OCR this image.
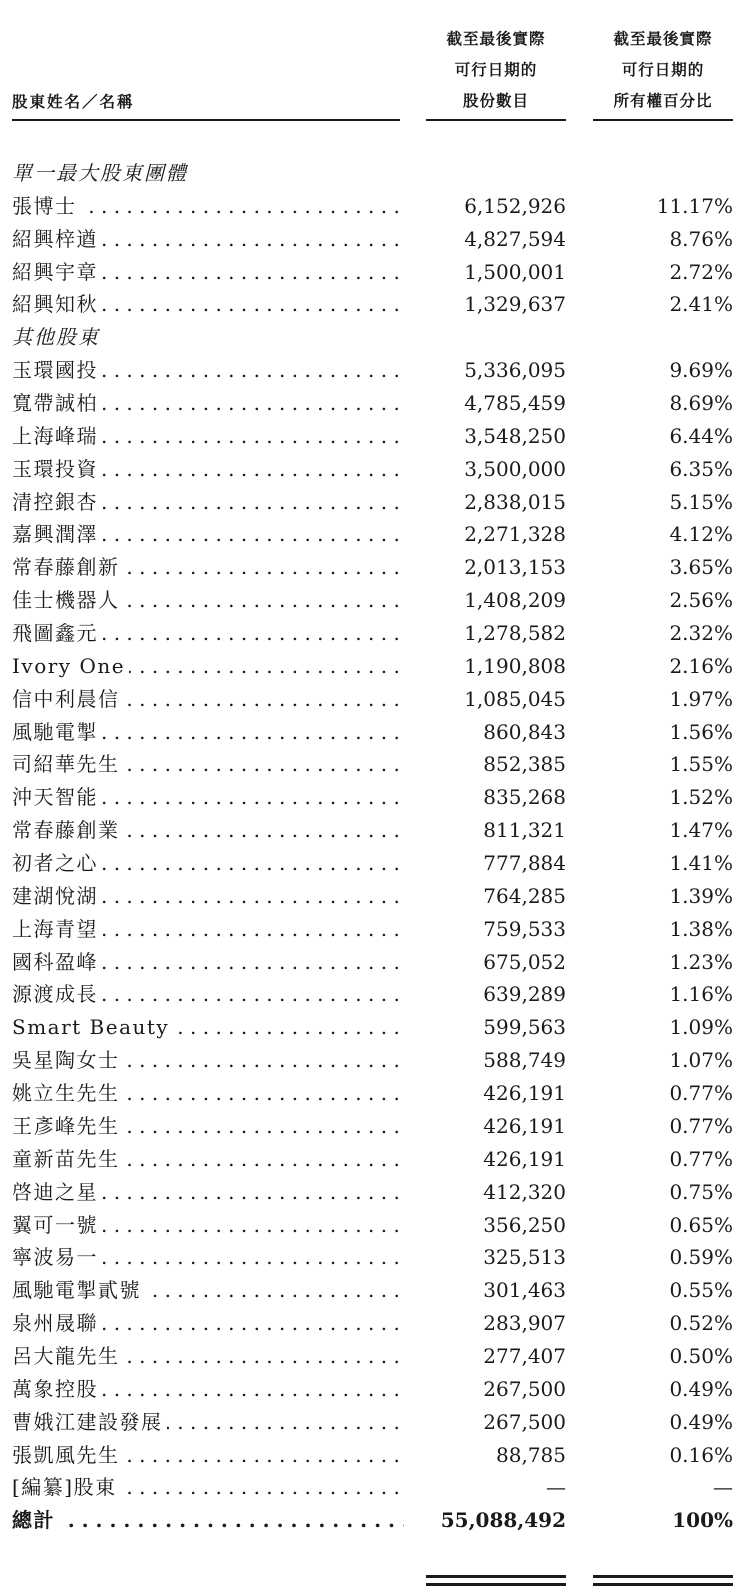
股東姓名／名稱
截至最後實際
可行日期的
股份數目
截至最後實際
可行日期的
所有權百分比
單一最大股東團體
張博士 . . .	6,152,926	11.17%
紹興梓遒 . . .	4,827,594	8.76%
紹興宇章 . . .	1,500,001	2.72%
紹興知秋 . . .	1,329,637	2.41%
其他股東
玉環國投 . . .	5,336,095	9.69%
寬帶誠柏 . . .	4,785,459	8.69%
上海峰瑞 . . .	3,548,250	6.44%
玉環投資 . . .	3,500,000	6.35%
清控銀杏 . . .	2,838,015	5.15%
嘉興潤澤 . . .	2,271,328	4.12%
常春藤創新 . . .	2,013,153	3.65%
佳士機器人 . . .	1,408,209	2.56%
飛圖鑫元 . . .	1,278,582	2.32%
Ivory One . . .	1,190,808	2.16%
信中利晨信 . . .	1,085,045	1.97%
風馳電掣 . . .	860,843	1.56%
司紹華先生 . . .	852,385	1.55%
沖天智能 . . .	835,268	1.52%
常春藤創業 . . .	811,321	1.47%
初者之心 . . .	777,884	1.41%
建湖悅湖 . . .	764,285	1.39%
上海青望 . . .	759,533	1.38%
國科盈峰 . . .	675,052	1.23%
源渡成長 . . .	639,289	1.16%
Smart Beauty . . .	599,563	1.09%
吳星陶女士 . . .	588,749	1.07%
姚立生先生 . . .	426,191	0.77%
王彥峰先生 . . .	426,191	0.77%
童新苗先生 . . .	426,191	0.77%
啓迪之星 . . .	412,320	0.75%
翼可一號 . . .	356,250	0.65%
寧波易一 . . .	325,513	0.59%
風馳電掣貳號 . . .	301,463	0.55%
泉州晟聯 . . .	283,907	0.52%
呂大龍先生 . . .	277,407	0.50%
萬象控股 . . .	267,500	0.49%
曹娥江建設發展 . . .	267,500	0.49%
張凱風先生 . . .	88,785	0.16%
[編纂]股東 . . .	—	—
總計 . . .	55,088,492	100%
